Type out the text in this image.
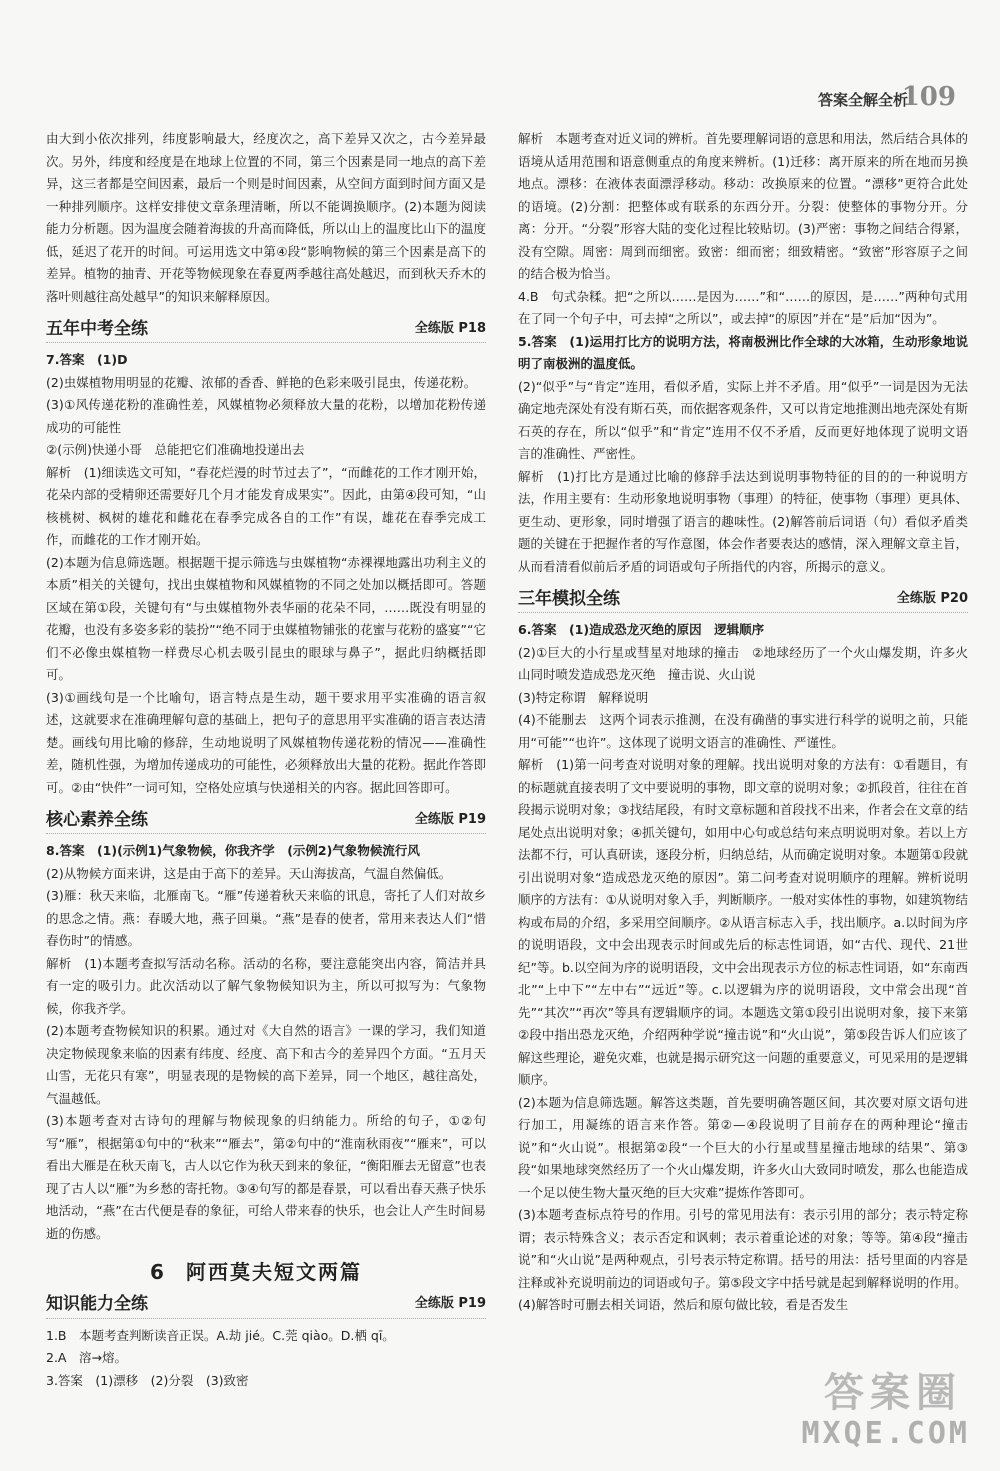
答案全解全析
109

由大到小依次排列，纬度影响最大，经度次之，高下差异又次之，古今差异最次。另外，纬度和经度是在地球上位置的不同，第三个因素是同一地点的高下差异，这三者都是空间因素，最后一个则是时间因素，从空间方面到时间方面又是一种排列顺序。这样安排使文章条理清晰，所以不能调换顺序。(2)本题为阅读能力分析题。因为温度会随着海拔的升高而降低，所以山上的温度比山下的温度低，延迟了花开的时间。可运用选文中第④段“影响物候的第三个因素是高下的差异。植物的抽青、开花等物候现象在春夏两季越往高处越迟，而到秋天乔木的落叶则越往高处越早”的知识来解释原因。

五年中考全练	全练版 P18

7.答案　(1)D

(2)虫媒植物用明显的花瓣、浓郁的香香、鲜艳的色彩来吸引昆虫，传递花粉。

(3)①风传递花粉的准确性差，风媒植物必须释放大量的花粉，以增加花粉传递成功的可能性

②(示例)快递小哥　总能把它们准确地投递出去

解析　(1)细读选文可知，“春花烂漫的时节过去了”，“而雌花的工作才刚开始，花朵内部的受精卵还需要好几个月才能发育成果实”。因此，由第④段可知，“山核桃树、枫树的雄花和雌花在春季完成各自的工作”有误，雄花在春季完成工作，而雌花的工作才刚开始。

(2)本题为信息筛选题。根据题干提示筛选与虫媒植物“赤裸裸地露出功利主义的本质”相关的关键句，找出虫媒植物和风媒植物的不同之处加以概括即可。答题区域在第①段，关键句有“与虫媒植物外表华丽的花朵不同，……既没有明显的花瓣，也没有多姿多彩的装扮”“绝不同于虫媒植物铺张的花蜜与花粉的盛宴”“它们不必像虫媒植物一样费尽心机去吸引昆虫的眼球与鼻子”，据此归纳概括即可。

(3)①画线句是一个比喻句，语言特点是生动，题干要求用平实准确的语言叙述，这就要求在准确理解句意的基础上，把句子的意思用平实准确的语言表达清楚。画线句用比喻的修辞，生动地说明了风媒植物传递花粉的情况——准确性差，随机性强，为增加传递成功的可能性，必须释放出大量的花粉。据此作答即可。②由“快件”一词可知，空格处应填与快递相关的内容。据此回答即可。

核心素养全练	全练版 P19

8.答案　(1)(示例1)气象物候，你我齐学　(示例2)气象物候流行风

(2)从物候方面来讲，这是由于高下的差异。天山海拔高，气温自然偏低。

(3)雁：秋天来临，北雁南飞。“雁”传递着秋天来临的讯息，寄托了人们对故乡的思念之情。燕：春暖大地，燕子回巢。“燕”是春的使者，常用来表达人们“惜春伤时”的情感。

解析　(1)本题考查拟写活动名称。活动的名称，要注意能突出内容，简洁并具有一定的吸引力。此次活动以了解气象物候知识为主，所以可拟写为：气象物候，你我齐学。

(2)本题考查物候知识的积累。通过对《大自然的语言》一课的学习，我们知道决定物候现象来临的因素有纬度、经度、高下和古今的差异四个方面。“五月天山雪，无花只有寒”，明显表现的是物候的高下差异，同一个地区，越往高处，气温越低。

(3)本题考查对古诗句的理解与物候现象的归纳能力。所给的句子，①②句写“雁”，根据第①句中的“秋来”“雁去”，第②句中的“淮南秋雨夜”“雁来”，可以看出大雁是在秋天南飞，古人以它作为秋天到来的象征，“衡阳雁去无留意”也表现了古人以“雁”为乡愁的寄托物。③④句写的都是春景，可以看出春天燕子快乐地活动，“燕”在古代便是春的象征，可给人带来春的快乐，也会让人产生时间易逝的伤感。

6 阿西莫夫短文两篇
知识能力全练	全练版 P19

1.B　本题考查判断读音正误。A.劫 jié。C.莞 qiào。D.栖 qī。

2.A　溶→熔。

3.答案　(1)漂移　(2)分裂　(3)致密

解析　本题考查对近义词的辨析。首先要理解词语的意思和用法，然后结合具体的语境从适用范围和语意侧重点的角度来辨析。(1)迁移：离开原来的所在地而另换地点。漂移：在液体表面漂浮移动。移动：改换原来的位置。“漂移”更符合此处的语境。(2)分割：把整体或有联系的东西分开。分裂：使整体的事物分开。分离：分开。“分裂”形容大陆的变化过程比较贴切。(3)严密：事物之间结合得紧，没有空隙。周密：周到而细密。致密：细而密；细致精密。“致密”形容原子之间的结合极为恰当。

4.B　句式杂糅。把“之所以……是因为……”和“……的原因，是……”两种句式用在了同一个句子中，可去掉“之所以”，或去掉“的原因”并在“是”后加“因为”。

5.答案　(1)运用打比方的说明方法，将南极洲比作全球的大冰箱，生动形象地说明了南极洲的温度低。

(2)“似乎”与“肯定”连用，看似矛盾，实际上并不矛盾。用“似乎”一词是因为无法确定地壳深处有没有斯石英，而依据客观条件，又可以肯定地推测出地壳深处有斯石英的存在，所以“似乎”和“肯定”连用不仅不矛盾，反而更好地体现了说明文语言的准确性、严密性。

解析　(1)打比方是通过比喻的修辞手法达到说明事物特征的目的的一种说明方法，作用主要有：生动形象地说明事物（事理）的特征，使事物（事理）更具体、更生动、更形象，同时增强了语言的趣味性。(2)解答前后词语（句）看似矛盾类题的关键在于把握作者的写作意图，体会作者要表达的感情，深入理解文章主旨，从而看清看似前后矛盾的词语或句子所指代的内容，所揭示的意义。

三年模拟全练	全练版 P20

6.答案　(1)造成恐龙灭绝的原因　逻辑顺序

(2)①巨大的小行星或彗星对地球的撞击　②地球经历了一个火山爆发期，许多火山同时喷发造成恐龙灭绝　撞击说、火山说

(3)特定称谓　解释说明

(4)不能删去　这两个词表示推测，在没有确凿的事实进行科学的说明之前，只能用“可能”“也许”。这体现了说明文语言的准确性、严谨性。

解析　(1)第一问考查对说明对象的理解。找出说明对象的方法有：①看题目，有的标题就直接表明了文中要说明的事物，即文章的说明对象；②抓段首，往往在首段揭示说明对象；③找结尾段，有时文章标题和首段找不出来，作者会在文章的结尾处点出说明对象；④抓关键句，如用中心句或总结句来点明说明对象。若以上方法都不行，可认真研读，逐段分析，归纳总结，从而确定说明对象。本题第①段就引出说明对象“造成恐龙灭绝的原因”。第二问考查对说明顺序的理解。辨析说明顺序的方法有：①从说明对象入手，判断顺序。一般对实体性的事物，如建筑物结构或布局的介绍，多采用空间顺序。②从语言标志入手，找出顺序。a.以时间为序的说明语段，文中会出现表示时间或先后的标志性词语，如“古代、现代、21世纪”等。b.以空间为序的说明语段，文中会出现表示方位的标志性词语，如“东南西北”“上中下”“左中右”“远近”等。c.以逻辑为序的说明语段，文中常会出现“首先”“其次”“再次”等具有逻辑顺序的词。本题选文第①段引出说明对象，接下来第②段中指出恐龙灭绝，介绍两种学说“撞击说”和“火山说”，第⑤段告诉人们应该了解这些理论，避免灾难，也就是揭示研究这一问题的重要意义，可见采用的是逻辑顺序。

(2)本题为信息筛选题。解答这类题，首先要明确答题区间，其次要对原文语句进行加工，用凝练的语言来作答。第②—④段说明了目前存在的两种理论“撞击说”和“火山说”。根据第②段“一个巨大的小行星或彗星撞击地球的结果”、第③段“如果地球突然经历了一个火山爆发期，许多火山大致同时喷发，那么也能造成一个足以使生物大量灭绝的巨大灾难”提炼作答即可。

(3)本题考查标点符号的作用。引号的常见用法有：表示引用的部分；表示特定称谓；表示特殊含义；表示否定和讽刺；表示着重论述的对象；等等。第④段“撞击说”和“火山说”是两种观点，引号表示特定称谓。括号的用法：括号里面的内容是注释或补充说明前边的词语或句子。第⑤段文字中括号就是起到解释说明的作用。

(4)解答时可删去相关词语，然后和原句做比较，看是否发生

答案圈
MXQE.COM
